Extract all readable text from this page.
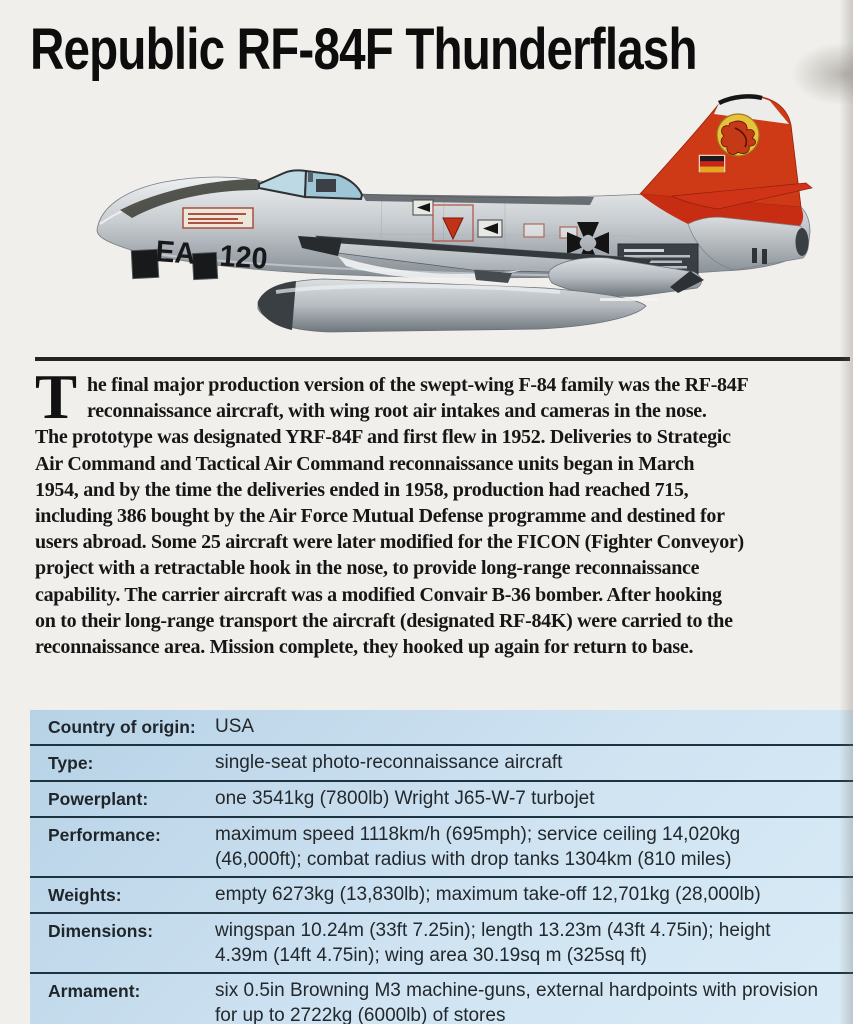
Republic RF-84F Thunderflash
EA - 120
T he final major production version of the swept-wing F-84 family was the RF-84F
reconnaissance aircraft, with wing root air intakes and cameras in the nose.
The prototype was designated YRF-84F and first flew in 1952. Deliveries to Strategic
Air Command and Tactical Air Command reconnaissance units began in March
1954, and by the time the deliveries ended in 1958, production had reached 715,
including 386 bought by the Air Force Mutual Defense programme and destined for
users abroad. Some 25 aircraft were later modified for the FICON (Fighter Conveyor)
project with a retractable hook in the nose, to provide long-range reconnaissance
capability. The carrier aircraft was a modified Convair B-36 bomber. After hooking
on to their long-range transport the aircraft (designated RF-84K) were carried to the
reconnaissance area. Mission complete, they hooked up again for return to base.
Country of origin:	USA
Type:	single-seat photo-reconnaissance aircraft
Powerplant:	one 3541kg (7800lb) Wright J65-W-7 turbojet
Performance:	maximum speed 1118km/h (695mph); service ceiling 14,020kg (46,000ft); combat radius with drop tanks 1304km (810 miles)
Weights:	empty 6273kg (13,830lb); maximum take-off 12,701kg (28,000lb)
Dimensions:	wingspan 10.24m (33ft 7.25in); length 13.23m (43ft 4.75in); height 4.39m (14ft 4.75in); wing area 30.19sq m (325sq ft)
Armament:	six 0.5in Browning M3 machine-guns, external hardpoints with provision for up to 2722kg (6000lb) of stores
